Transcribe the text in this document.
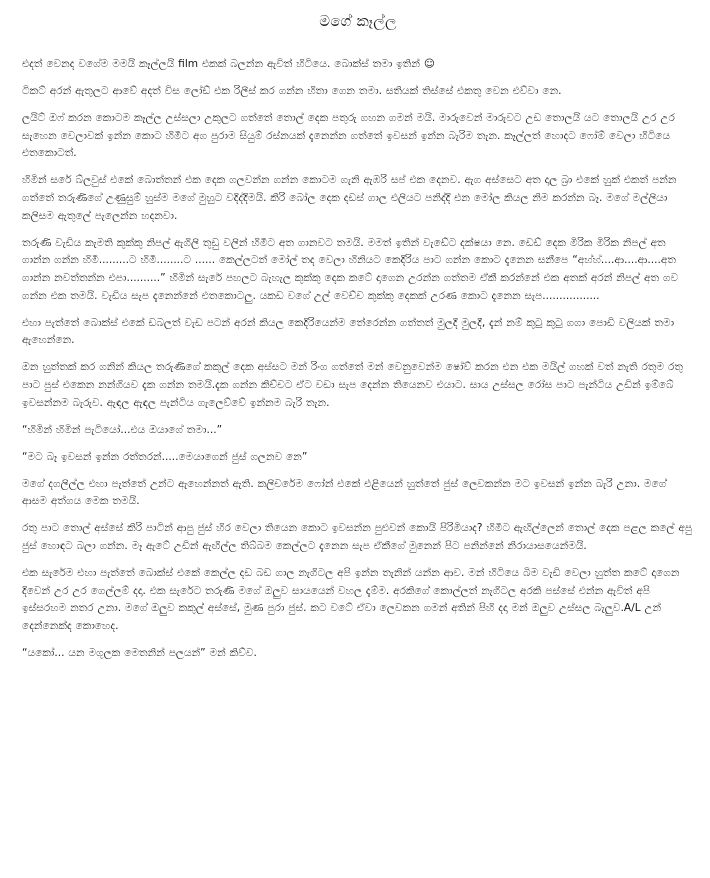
මගේ කෑල්ල

එදත් වෙනද වගේම මමයි කෑල්ලයි film එකක් බලන්න ඇවිත් හිටියෙ. බොක්ස් තමා ඉතින් ☺

ටිකට් අරන් ඇතුලට ආවේ අදත් විස ලෝඩ් එක රිලීස් කර ගන්න හිතා ගෙන තමා. සතියක් තිස්සේ එකතු වෙන එව්වා නෙ.

ලයිට් ඔෆ් කරන කොටම කෑල්ල උස්සලා උකුලට ගත්තේ තොල් දෙක පතුරු ගහන ගමන් මයි. මාරුවෙන් මාරුවට උඩ තොලයි යට තොලයි උර උර සැහෙන වෙලාවක් ඉන්න කොට හිමීට අග පුරාම සියුම් රස්නයක් දැනෙන්න ගත්තේ ඉවසන් ඉන්න බැරිම තැන. කෑල්ලත් හොදට ෆෝම් වෙලා හිටියෙ එතකොටත්.

හිමින් සරේ බ්ලවුස් එකේ බොත්තන් එක දෙක ගලවන්න ගන්න කොටම ගැනි ඇඹරි සප් එක දෙනව. ඇග අස්සෙට අත දාල බ්‍රා එකේ හුක් එකත් පන්න ගත්තේ තරුණිගේ උණුසුම් හුස්ම මගේ මුහුට වදිද්දිමයි. කිරි බෝල දෙක දඩස් ගාල එලියට පනිද්දි එන මෝල කියල නිම කරන්න බෑ. මගේ මල්ලියා කලිසම ඇතුලේ පැලෙන්න හදනවා.

තරුණි වැඩිය කැමති කුක්කු නිපල් ඇගිලි තුඩු වලින් හිමීට අත ගානවට තමයි. මමත් ඉතින් වැඩේට දක්ෂයා නෙ. ඩෙඩ් දෙක මිරික මිරික නිපල් අත ගාන්න ගන්න හිමී.........ට හිමී........ට ...... කෙල්ලටත් මෝල් තද වෙලා හිනියට කෙදිරිය පාට ගන්න කොට දැනෙන සනීපෙ “අහ්හ්....ආ....ආ....අත ගාන්න නවත්තන්න එපා..........” හිමින් සැරේ පහලට බැහැල කුක්කු දෙක කටේ දාගෙන උරන්න ගත්තම ඒකී කරන්නේ එක අතක් අරන් නිපල් අත ගව ගන්න එක තමයි. වැඩිය සැප දැනෙන්නේ එතකොටලු. යකඩ වගේ උල් වෙච්ච කුක්කු දෙකක් උරණ කොට දැනෙන සැප.................

එහා පැත්තේ බොක්ස් එකේ ඩබලත් වැඩ පටන් අරන් කියල කෙදිරියෙන්ම තේරෙන්න ගත්තත් මුලදී මුලදී, දැන් නම් කුටු කුටු ගගා පොඩි වලියක් තමා ඇහෙන්නෙ.

ඔන හුත්තක් කර ගනින් කියල තරුණිගේ කකුල් දෙක අස්සට මන් රිංග ගත්තේ මන් වෙනුවෙන්ම ෂෝව් කරන එන එක මයිල් ගහක් වත් නැති රතුම රතු පාට පුස් එකෙන නන්ගියව දැක ගන්න තමයි.දැක ගන්න කිච්චට ඒට වඩා සැප දෙන්න තියෙනව එයාට. සාය උස්සල රෝස පාට පැන්ටිය උඩින් ඉම්බේ ඉවසන්නම බැරුව. ඇඳල ඇඳල පැන්ටිය ගැලෙව්වේ ඉන්නම බැරි තැන.

“හිමින් හිමින් පැටියෝ...එය ඔයාගේ තමා...”

“මට බෑ ඉවසන් ඉන්න රත්තරන්.....මෙයාගෙන් ජුස් ගලනව නෙ”

මගේ දගලිල්ල එහා පැත්තේ උන්ට ඇහෙන්නත් ඇති. කලිචරේම ෆෝන් එකේ එළියෙන් හුත්තේ ජුස් ලෙවකන්න මට ඉවසන් ඉන්න බැරි උනා. මගේ ආසම අත්ගය මෙක තමයි.

රතු පාට තොල් අස්සේ කිරි පාටින් ආපු ජුස් හිර වෙලා තියෙන කොට ඉවසන්න පුළුවන් කොයි පිරිමියාද? හිමීට ඇඟිල්ලෙන් තොල් දෙක පළල කලේ අපු ජුස් හොඳට බලා ගන්න. මෑ ඇටේ උඩින් ඇඟිල්ල තිබ්බම කෙල්ලට දැනෙන සැප ඒකීගේ මුනෙන් පිට පනින්නේ නිරායාසයෙන්මයි.

එක සැරේම එහා පැත්තේ බොක්ස් එකේ කෙල්ල දඩ බඩ ගාල නැගිටල අපි ඉන්න තැනින් යන්න ආව. මන් හිටියෙ බිම වැඩි වෙලා හුත්ත කටේ දාගෙන දිවෙන් උර උර ගෙල්ලම් දදා. එක සැරේට තරුණි මගේ ඔලුව සායයෙන් වහල දැම්ම. අරකිගේ කොල්ලත් නැගිටල අරකි පස්සේ එන්න ඇවිත් අපි ඉස්සරහම නතර උනා. මගේ ඔලුව කකුල් අස්සේ, මුණ පුරා ජුස්. කට වටේ ඒවා ලෙවකන ගමන් අතින් පිහි දදා මන් ඔලුව උස්සල බැලුව.A/L උන් දෙන්නෙක්ද කොහෙද.

“යකෝ... යන මගුලක මෙතනින් පලයන්” මන් කිව්ව.
